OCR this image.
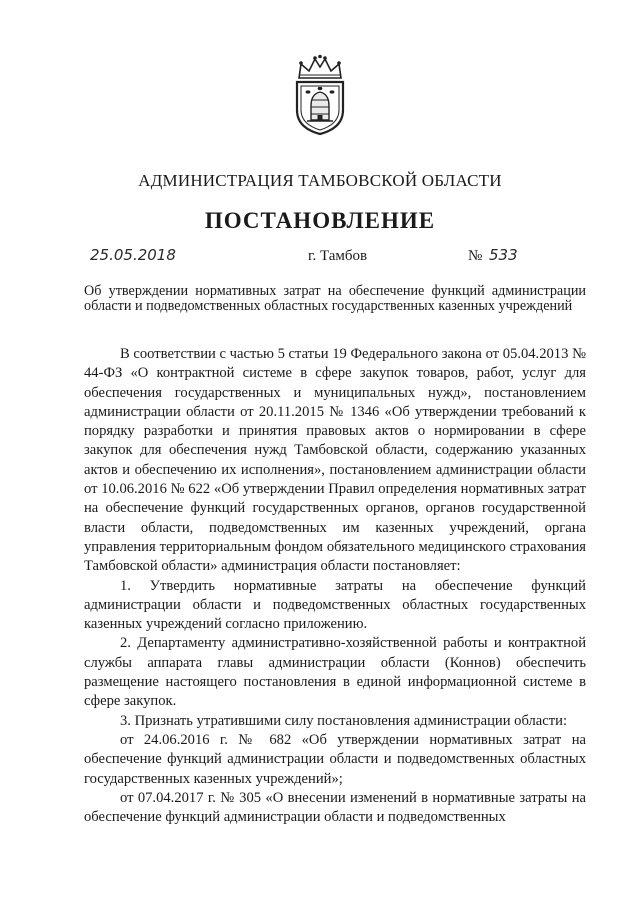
АДМИНИСТРАЦИЯ ТАМБОВСКОЙ ОБЛАСТИ
ПОСТАНОВЛЕНИЕ
25.05.2018	г. Тамбов	№ 533
Об утверждении нормативных затрат на обеспечение функций администрации области и подведомственных областных государственных казенных учреждений

В соответствии с частью 5 статьи 19 Федерального закона от 05.04.2013 № 44-ФЗ «О контрактной системе в сфере закупок товаров, работ, услуг для обеспечения государственных и муниципальных нужд», постановлением администрации области от 20.11.2015 № 1346 «Об утверждении требований к порядку разработки и принятия правовых актов о нормировании в сфере закупок для обеспечения нужд Тамбовской области, содержанию указанных актов и обеспечению их исполнения», постановлением администрации области от 10.06.2016 № 622 «Об утверждении Правил определения нормативных затрат на обеспечение функций государственных органов, органов государственной власти области, подведомственных им казенных учреждений, органа управления территориальным фондом обязательного медицинского страхования Тамбовской области» администрация области постановляет:

1. Утвердить нормативные затраты на обеспечение функций администрации области и подведомственных областных государственных казенных учреждений согласно приложению.

2. Департаменту административно-хозяйственной работы и контрактной службы аппарата главы администрации области (Коннов) обеспечить размещение настоящего постановления в единой информационной системе в сфере закупок.

3. Признать утратившими силу постановления администрации области:

от 24.06.2016 г. № 682 «Об утверждении нормативных затрат на обеспечение функций администрации области и подведомственных областных государственных казенных учреждений»;

от 07.04.2017 г. № 305 «О внесении изменений в нормативные затраты на обеспечение функций администрации области и подведомственных
